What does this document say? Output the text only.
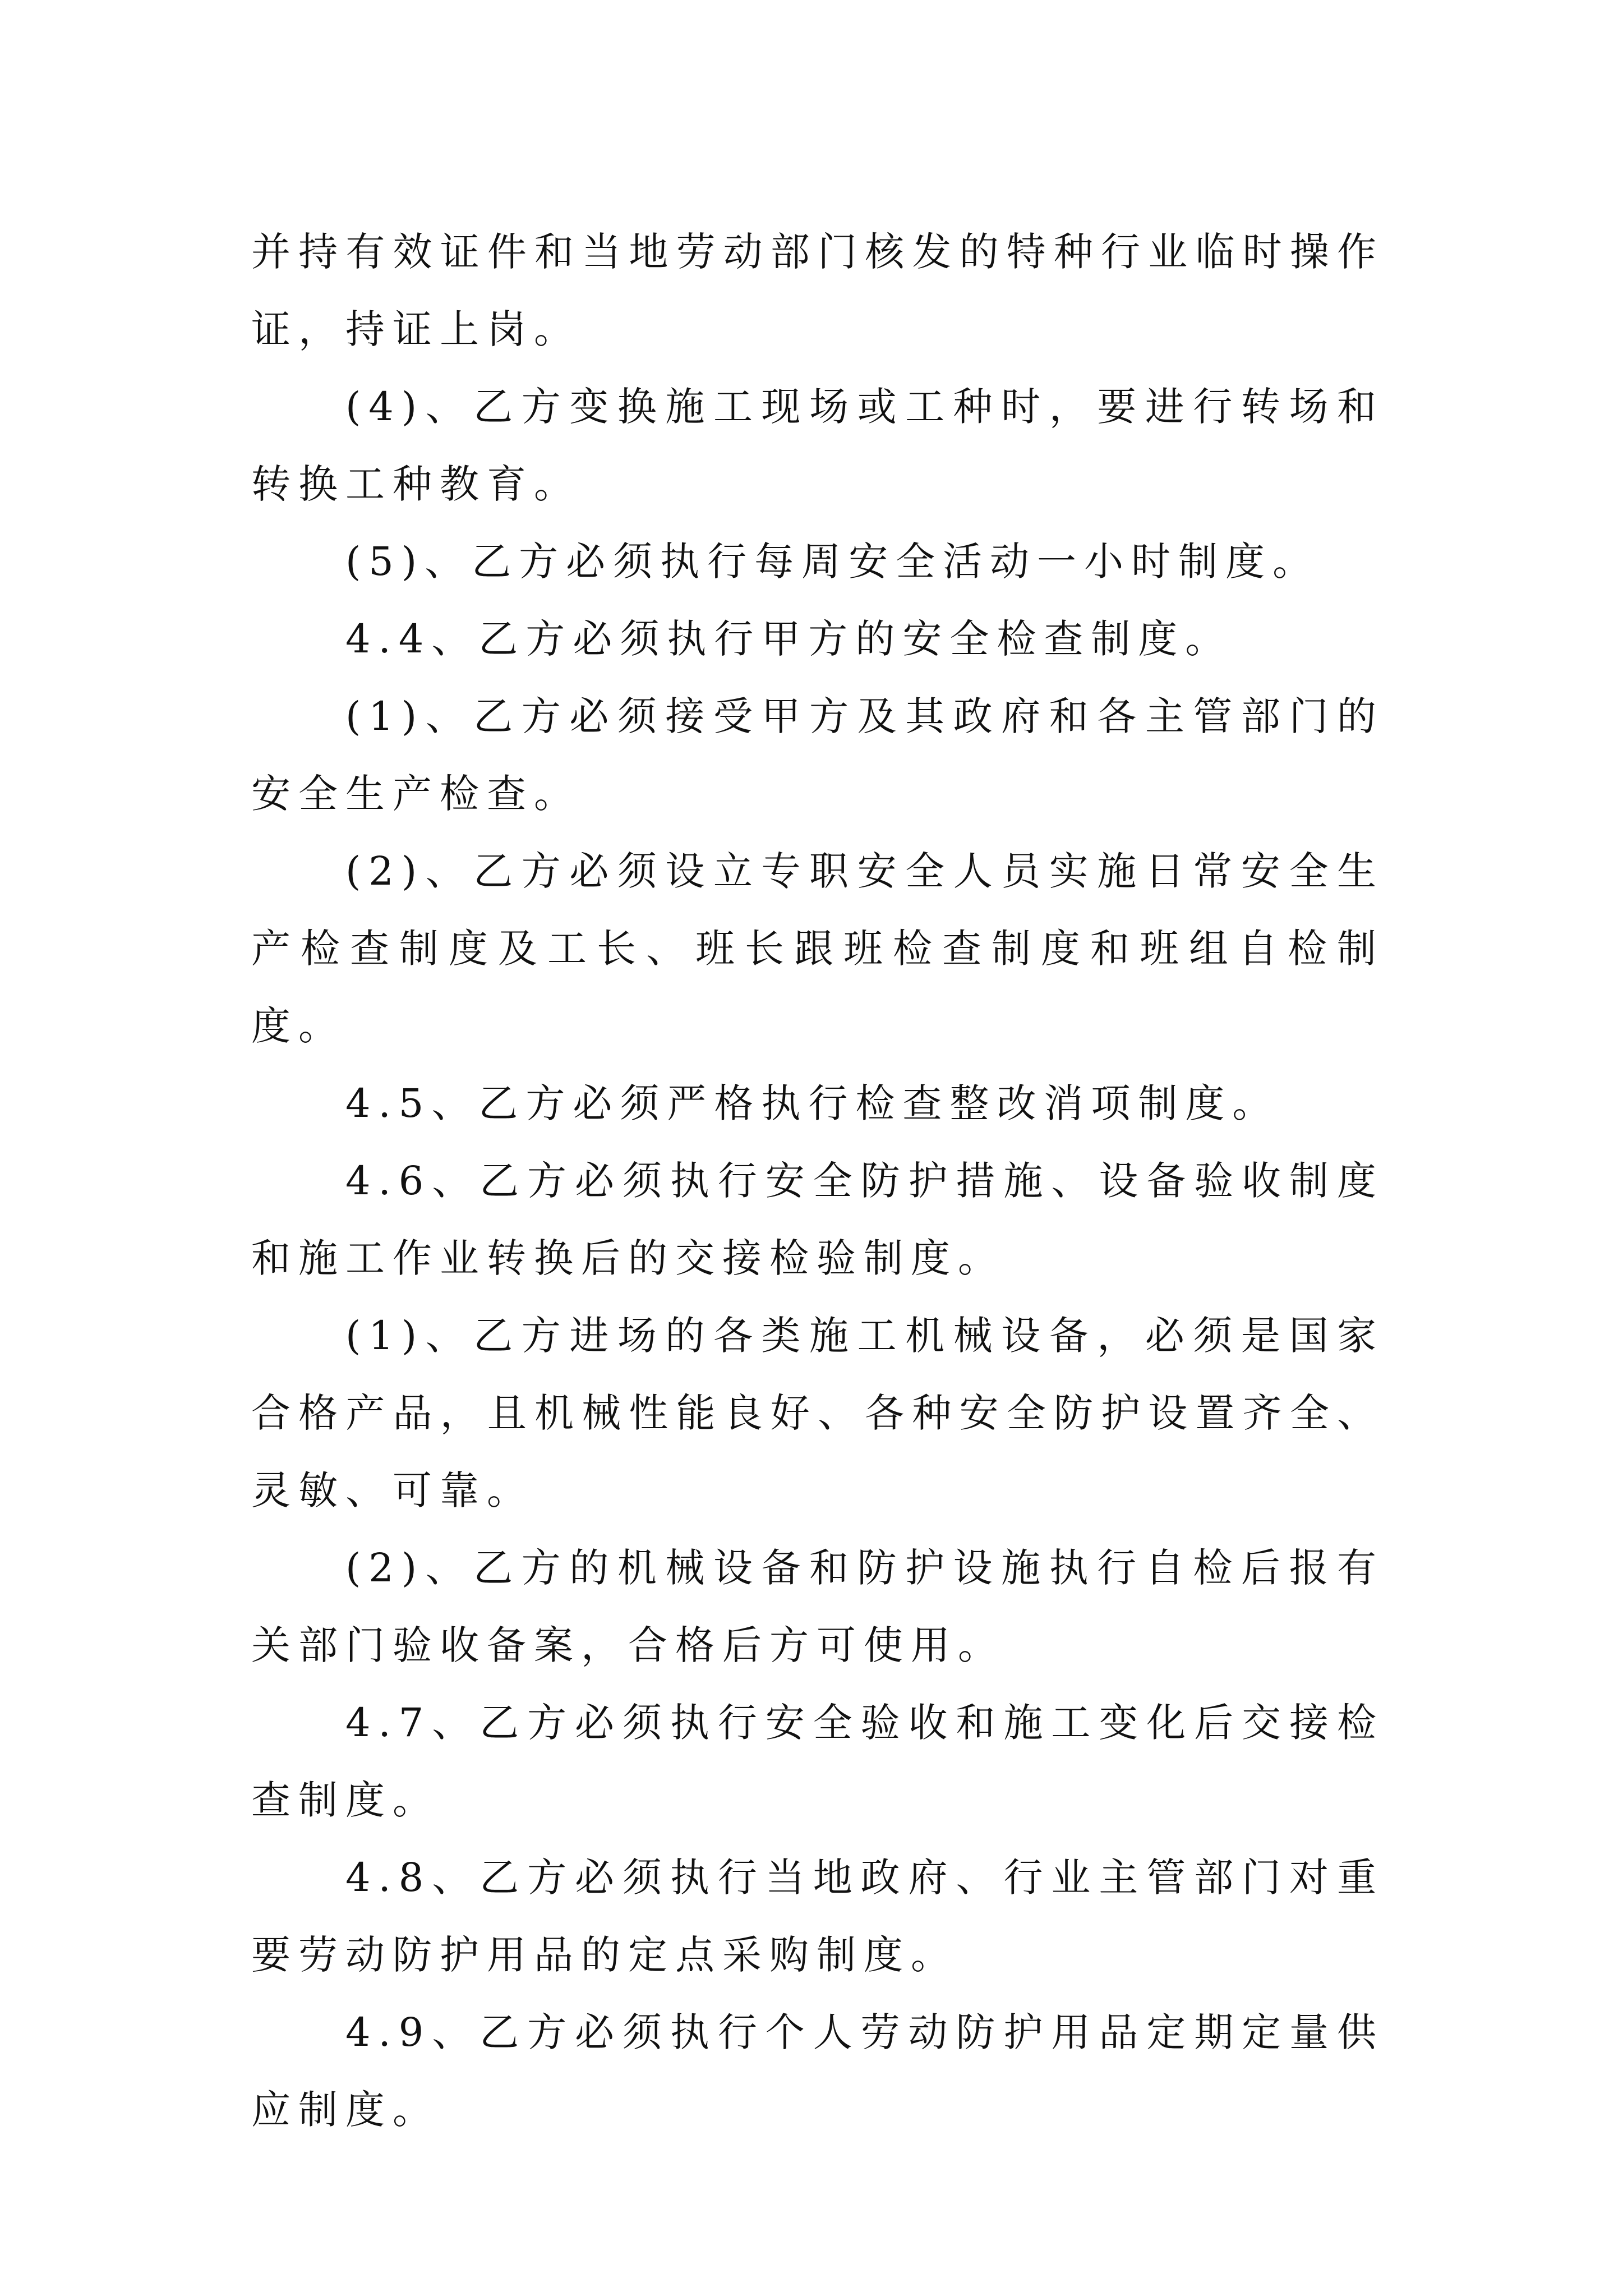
并持有效证件和当地劳动部门核发的特种行业临时操作证，持证上岗。

(4)、乙方变换施工现场或工种时，要进行转场和转换工种教育。

(5)、乙方必须执行每周安全活动一小时制度。

4.4、乙方必须执行甲方的安全检查制度。

(1)、乙方必须接受甲方及其政府和各主管部门的安全生产检查。

(2)、乙方必须设立专职安全人员实施日常安全生产检查制度及工长、班长跟班检查制度和班组自检制度。

4.5、乙方必须严格执行检查整改消项制度。

4.6、乙方必须执行安全防护措施、设备验收制度和施工作业转换后的交接检验制度。

(1)、乙方进场的各类施工机械设备，必须是国家合格产品，且机械性能良好、各种安全防护设置齐全、灵敏、可靠。

(2)、乙方的机械设备和防护设施执行自检后报有关部门验收备案，合格后方可使用。

4.7、乙方必须执行安全验收和施工变化后交接检查制度。

4.8、乙方必须执行当地政府、行业主管部门对重要劳动防护用品的定点采购制度。

4.9、乙方必须执行个人劳动防护用品定期定量供应制度。
